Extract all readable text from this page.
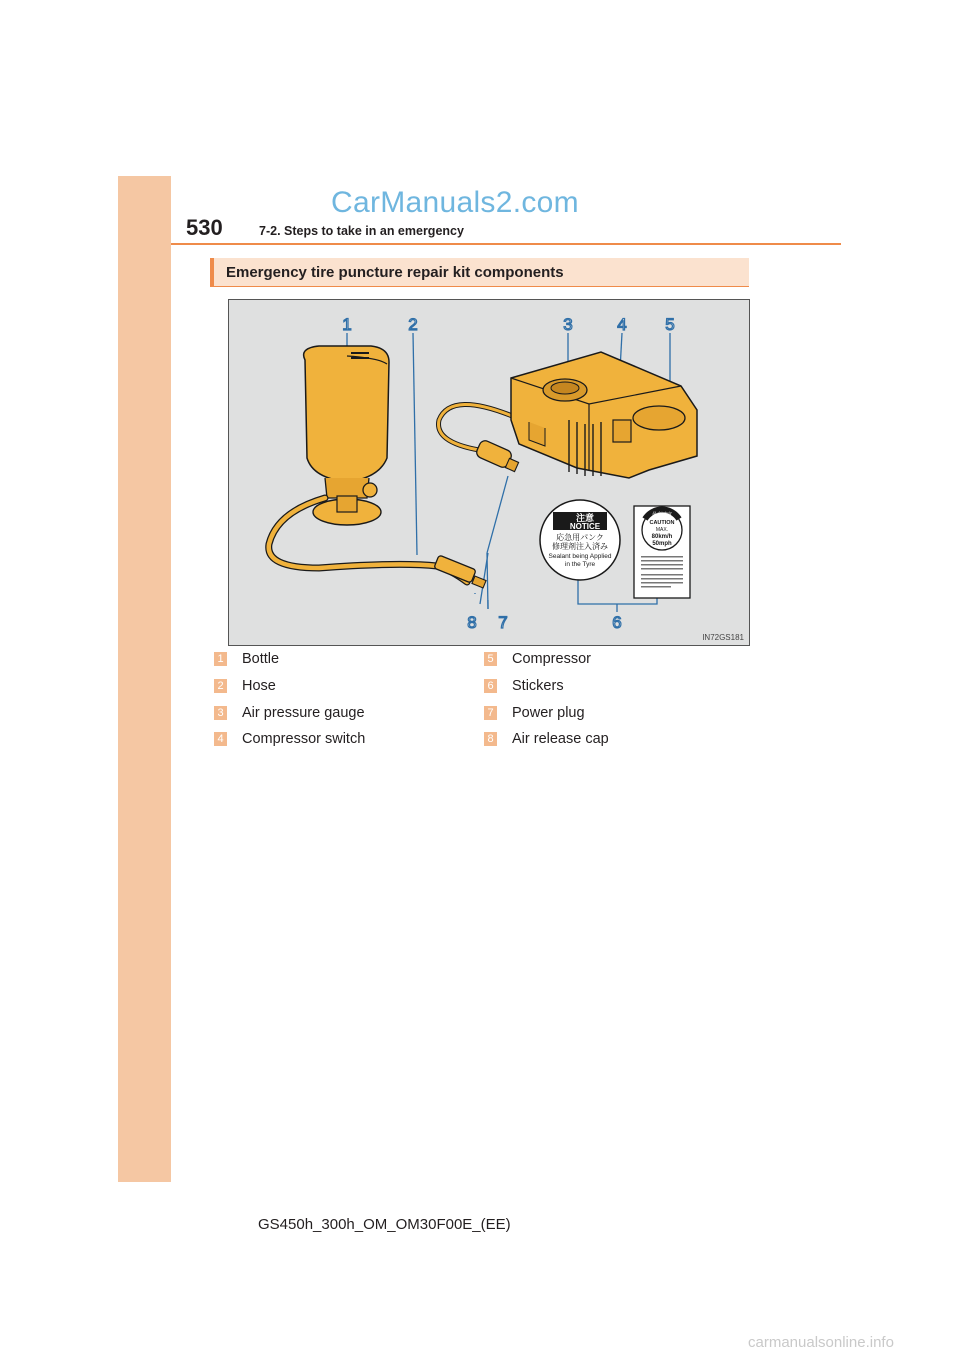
CarManuals2.com
530	7-2. Steps to take in an emergency
Emergency tire puncture repair kit components
注意
NOTICE
応急用パンク
修理剤注入済み
Sealant being Applied
in the Tyre
最高速度
CAUTION
MAX.
80km/h
50mph
1	2	3	4 5
6
7
8
IN72GS181
1 Bottle
2 Hose
3 Air pressure gauge
4 Compressor switch
5 Compressor
6 Stickers
7 Power plug
8 Air release cap
GS450h_300h_OM_OM30F00E_(EE)
carmanualsonline.info
